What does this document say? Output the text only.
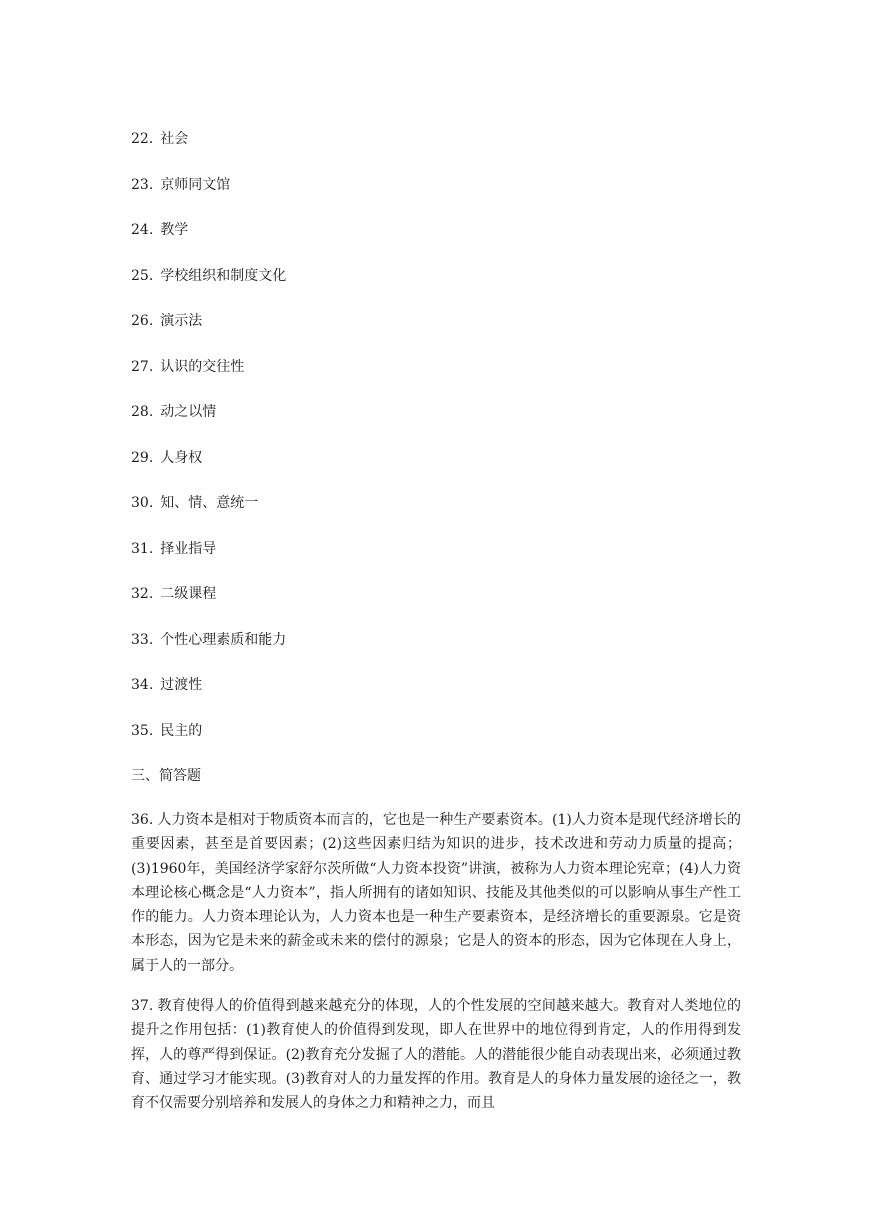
22. 社会
23. 京师同文馆
24. 教学
25. 学校组织和制度文化
26. 演示法
27. 认识的交往性
28. 动之以情
29. 人身权
30. 知、情、意统一
31. 择业指导
32. 二级课程
33. 个性心理素质和能力
34. 过渡性
35. 民主的
三、简答题
36. 人力资本是相对于物质资本而言的，它也是一种生产要素资本。(1)人力资本是现代经济增长的重要因素，甚至是首要因素；(2)这些因素归结为知识的进步，技术改进和劳动力质量的提高；(3)1960年，美国经济学家舒尔茨所做“人力资本投资”讲演，被称为人力资本理论宪章；(4)人力资本理论核心概念是“人力资本”，指人所拥有的诸如知识、技能及其他类似的可以影响从事生产性工作的能力。人力资本理论认为，人力资本也是一种生产要素资本，是经济增长的重要源泉。它是资本形态，因为它是未来的薪金或未来的偿付的源泉；它是人的资本的形态，因为它体现在人身上，属于人的一部分。
37. 教育使得人的价值得到越来越充分的体现，人的个性发展的空间越来越大。教育对人类地位的提升之作用包括：(1)教育使人的价值得到发现，即人在世界中的地位得到肯定，人的作用得到发挥，人的尊严得到保证。(2)教育充分发掘了人的潜能。人的潜能很少能自动表现出来，必须通过教育、通过学习才能实现。(3)教育对人的力量发挥的作用。教育是人的身体力量发展的途径之一，教育不仅需要分别培养和发展人的身体之力和精神之力，而且
